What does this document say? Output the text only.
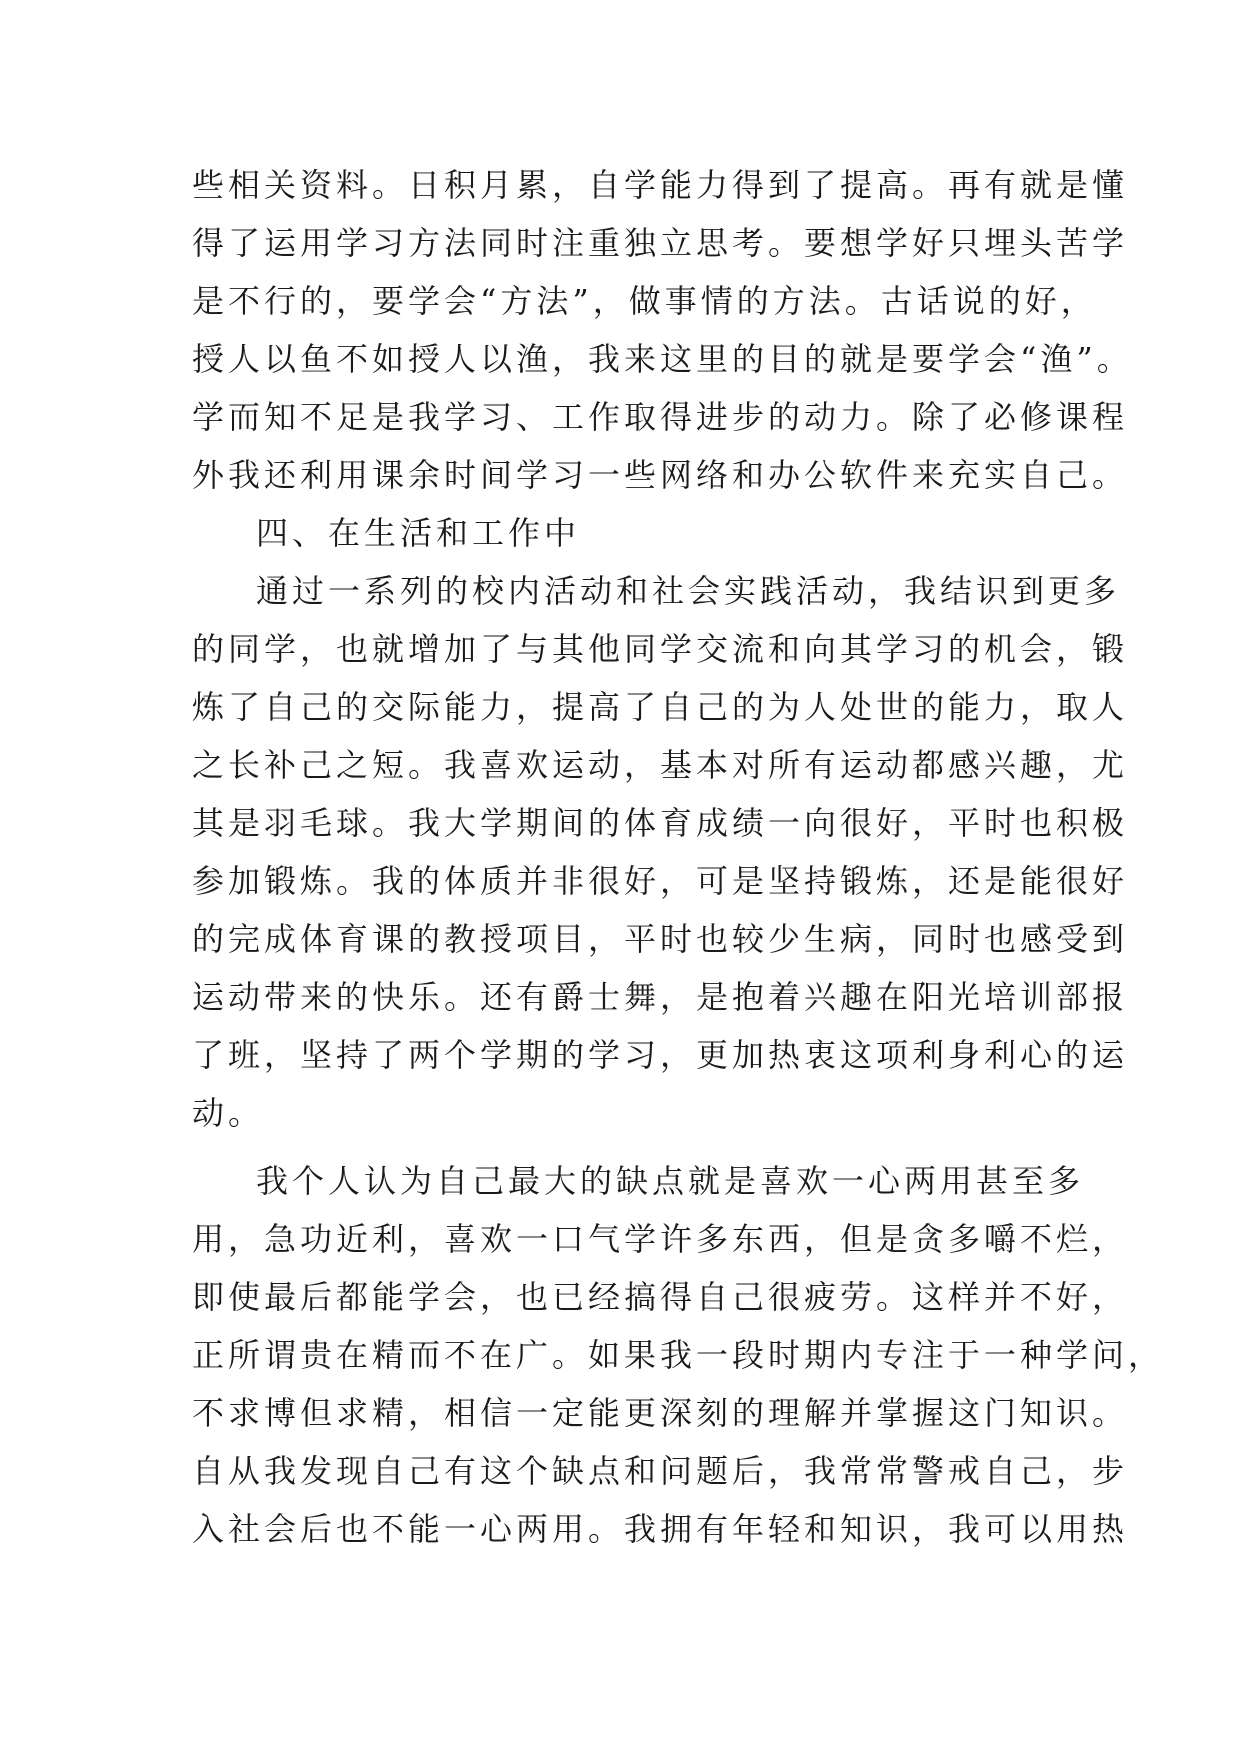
些相关资料。日积月累，自学能力得到了提高。再有就是懂
得了运用学习方法同时注重独立思考。要想学好只埋头苦学
是不行的，要学会“方法”，做事情的方法。古话说的好，
授人以鱼不如授人以渔，我来这里的目的就是要学会“渔”。
学而知不足是我学习、工作取得进步的动力。除了必修课程
外我还利用课余时间学习一些网络和办公软件来充实自己。
四、在生活和工作中
通过一系列的校内活动和社会实践活动，我结识到更多
的同学，也就增加了与其他同学交流和向其学习的机会，锻
炼了自己的交际能力，提高了自己的为人处世的能力，取人
之长补己之短。我喜欢运动，基本对所有运动都感兴趣，尤
其是羽毛球。我大学期间的体育成绩一向很好，平时也积极
参加锻炼。我的体质并非很好，可是坚持锻炼，还是能很好
的完成体育课的教授项目，平时也较少生病，同时也感受到
运动带来的快乐。还有爵士舞，是抱着兴趣在阳光培训部报
了班，坚持了两个学期的学习，更加热衷这项利身利心的运
动。
我个人认为自己最大的缺点就是喜欢一心两用甚至多
用，急功近利，喜欢一口气学许多东西，但是贪多嚼不烂，
即使最后都能学会，也已经搞得自己很疲劳。这样并不好，
正所谓贵在精而不在广。如果我一段时期内专注于一种学问，
不求博但求精，相信一定能更深刻的理解并掌握这门知识。
自从我发现自己有这个缺点和问题后，我常常警戒自己，步
入社会后也不能一心两用。我拥有年轻和知识，我可以用热
